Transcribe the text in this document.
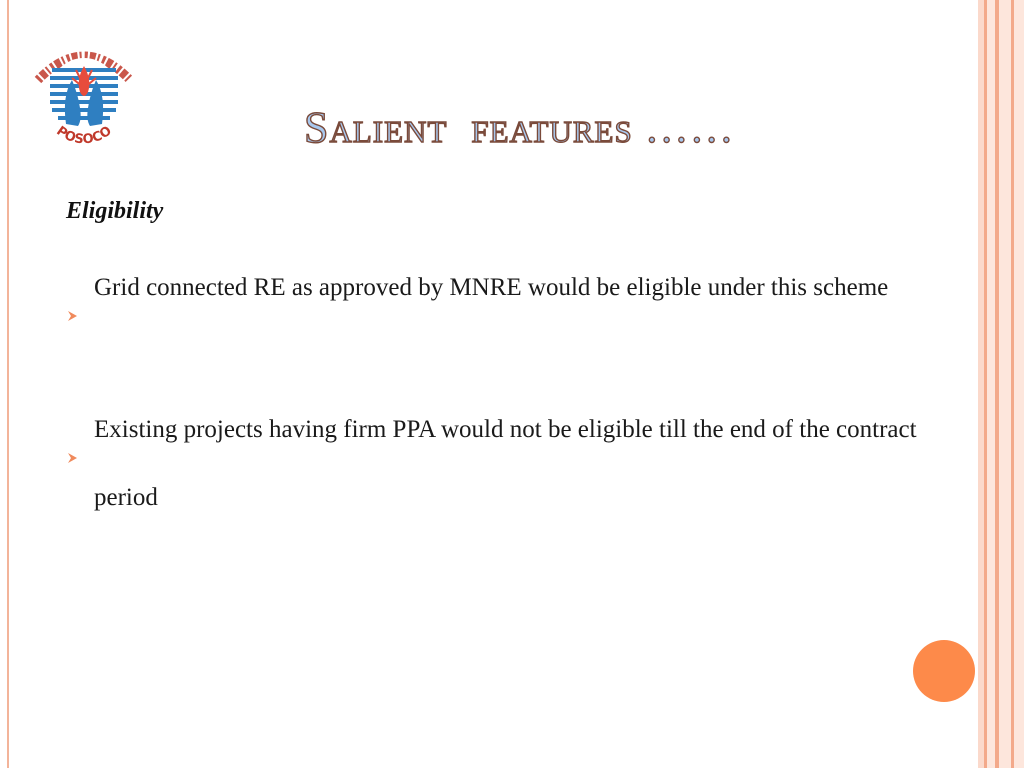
POSOCO	Salient  features ……
Eligibility
Grid connected RE as approved by MNRE would be eligible under this scheme
Existing projects having firm PPA would not be eligible till the end of the contract period
